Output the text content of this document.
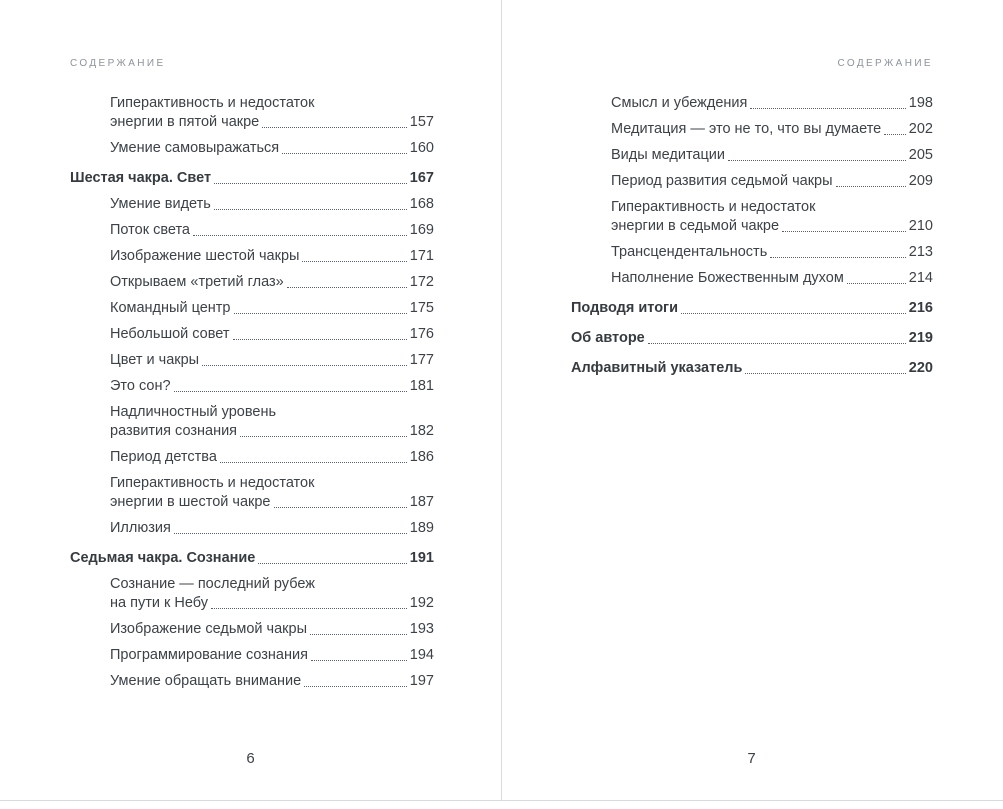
СОДЕРЖАНИЕ
Гиперактивность и недостаток
энергии в пятой чакре	157
Умение самовыражаться	160
Шестая чакра. Свет	167
Умение видеть	168
Поток света	169
Изображение шестой чакры	171
Открываем «третий глаз»	172
Командный центр	175
Небольшой совет	176
Цвет и чакры	177
Это сон?	181
Надличностный уровень
развития сознания	182
Период детства	186
Гиперактивность и недостаток
энергии в шестой чакре	187
Иллюзия	189
Седьмая чакра. Сознание	191
Сознание — последний рубеж
на пути к Небу	192
Изображение седьмой чакры	193
Программирование сознания	194
Умение обращать внимание	197
6
СОДЕРЖАНИЕ
Смысл и убеждения	198
Медитация — это не то, что вы думаете 202
Виды медитации	205
Период развития седьмой чакры	209
Гиперактивность и недостаток
энергии в седьмой чакре	210
Трансцендентальность	213
Наполнение Божественным духом	214
Подводя итоги	216
Об авторе	219
Алфавитный указатель	220
7
